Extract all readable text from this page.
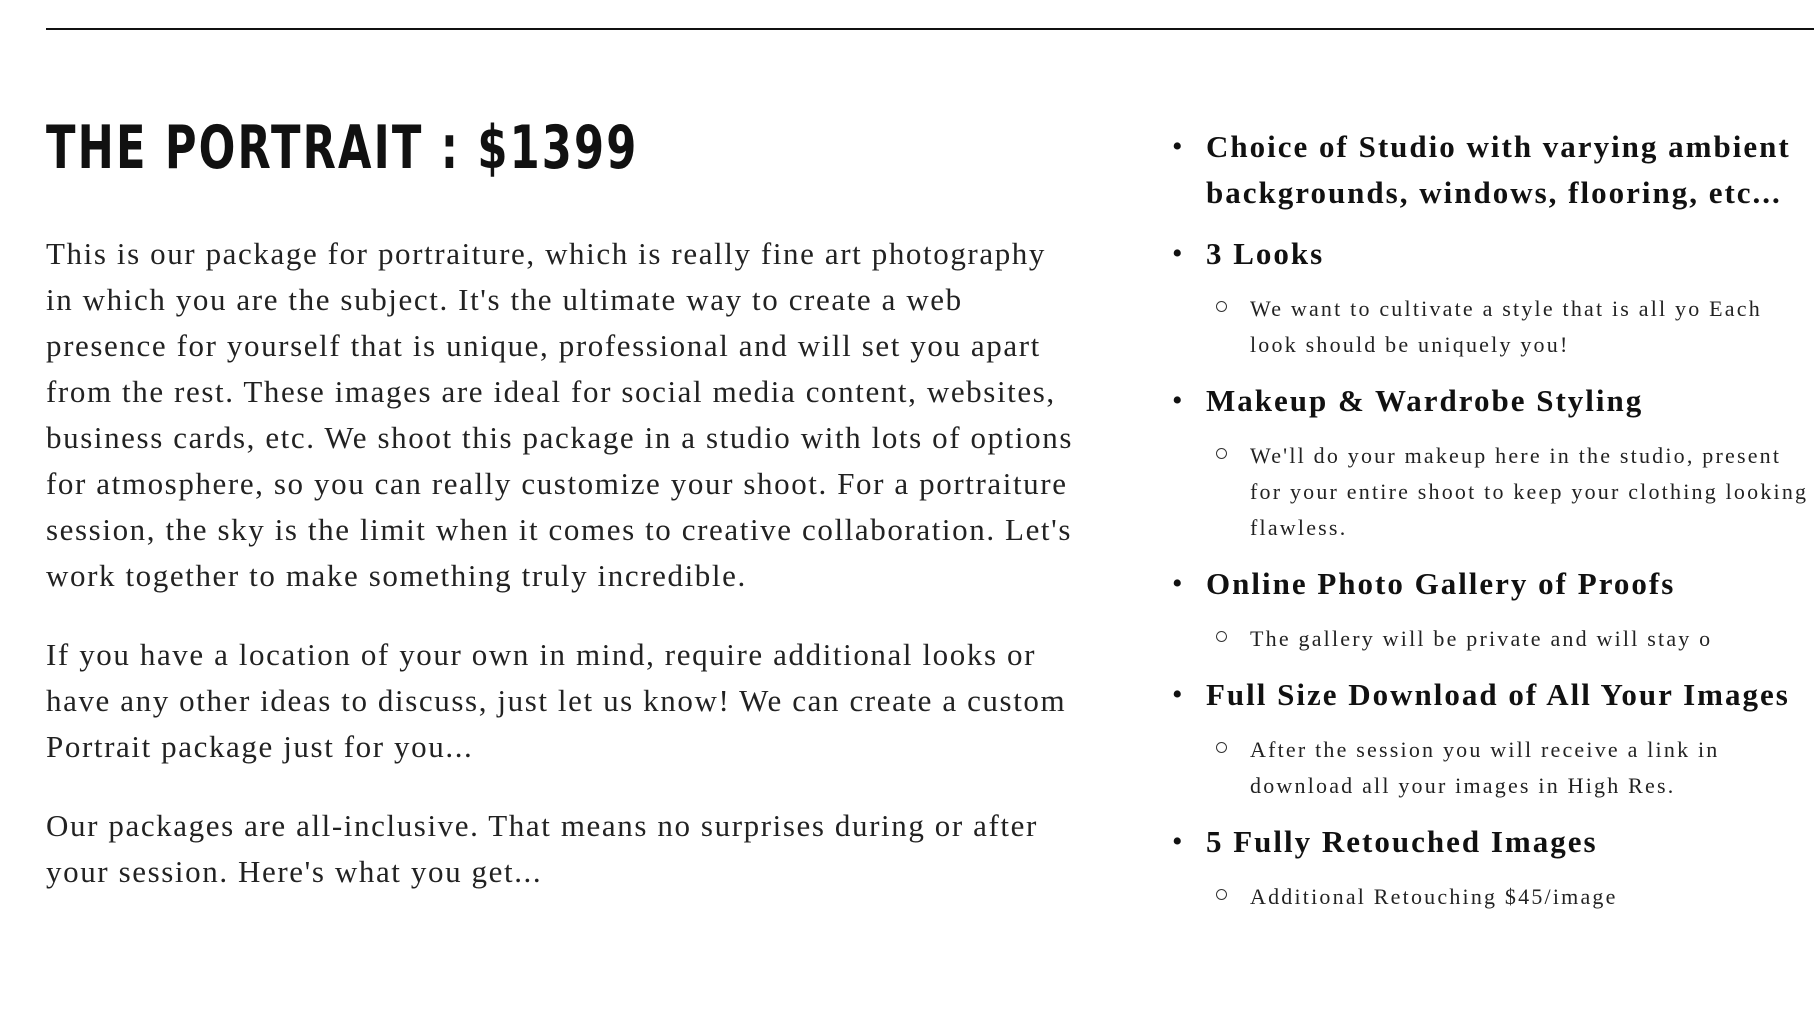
THE PORTRAIT : $1399

This is our package for portraiture, which is really fine art photography in which you are the subject. It's the ultimate way to create a web presence for yourself that is unique, professional and will set you apart from the rest. These images are ideal for social media content, websites, business cards, etc. We shoot this package in a studio with lots of options for atmosphere, so you can really customize your shoot. For a portraiture session, the sky is the limit when it comes to creative collaboration. Let's work together to make something truly incredible.

If you have a location of your own in mind, require additional looks or have any other ideas to discuss, just let us know! We can create a custom Portrait package just for you...

Our packages are all-inclusive. That means no surprises during or after your session. Here's what you get...

• Choice of Studio with varying ambient backgrounds, windows, flooring, etc...
• 3 Looks
We want to cultivate a style that is all yo Each look should be uniquely you!
• Makeup & Wardrobe Styling
We'll do your makeup here in the studio, present for your entire shoot to keep your clothing looking flawless.
• Online Photo Gallery of Proofs
The gallery will be private and will stay o
• Full Size Download of All Your Images
After the session you will receive a link in download all your images in High Res.
• 5 Fully Retouched Images
Additional Retouching $45/image
